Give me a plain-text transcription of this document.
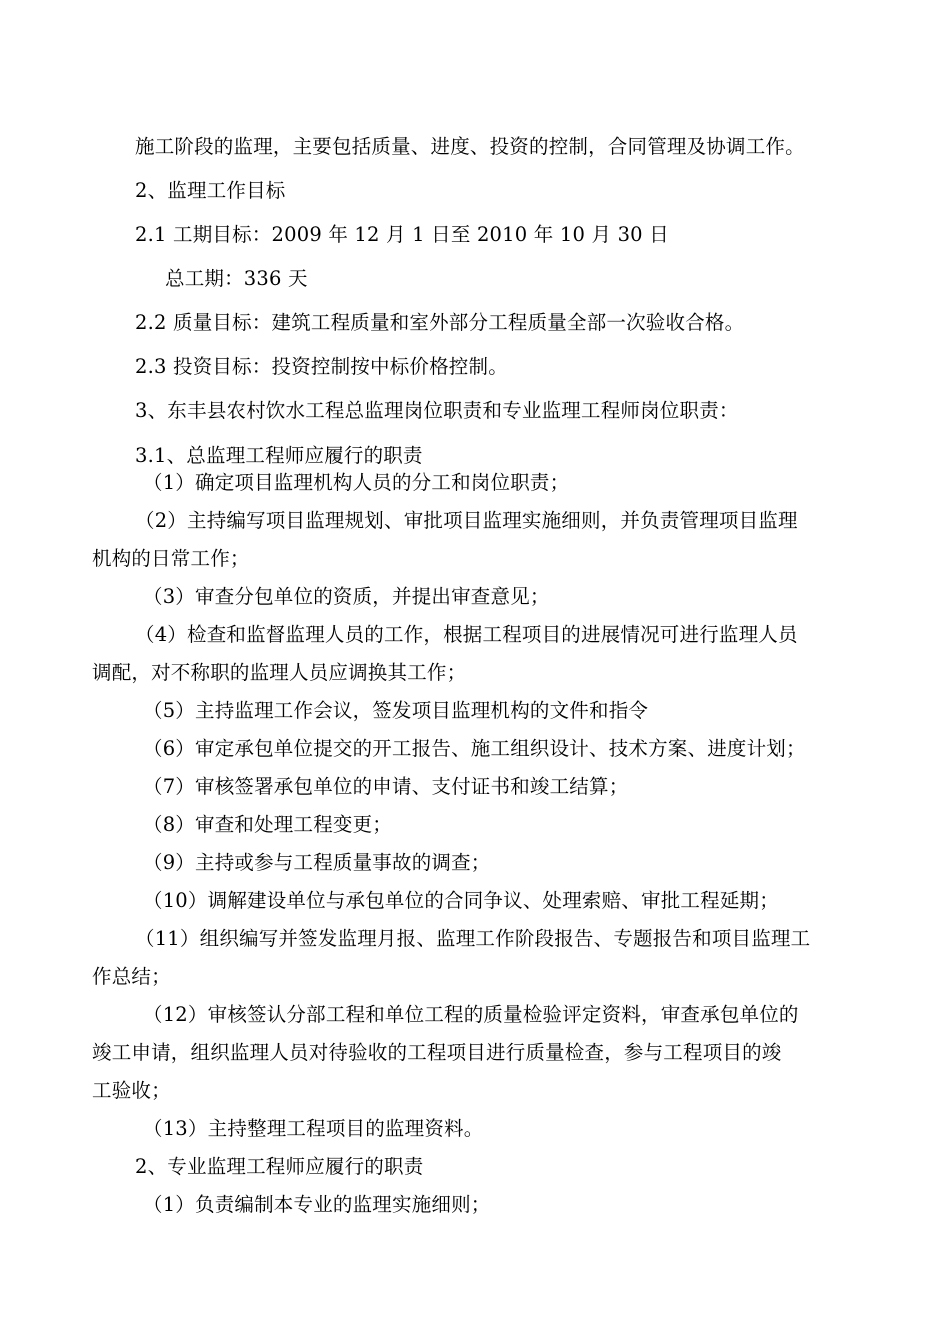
施工阶段的监理，主要包括质量、进度、投资的控制，合同管理及协调工作。
2、监理工作目标
2.1 工期目标：2009 年 12 月 1 日至 2010 年 10 月 30 日
总工期：336 天
2.2 质量目标：建筑工程质量和室外部分工程质量全部一次验收合格。
2.3 投资目标：投资控制按中标价格控制。
3、东丰县农村饮水工程总监理岗位职责和专业监理工程师岗位职责：
3.1、总监理工程师应履行的职责
（1）确定项目监理机构人员的分工和岗位职责；
（2）主持编写项目监理规划、审批项目监理实施细则，并负责管理项目监理
机构的日常工作；
（3）审查分包单位的资质，并提出审查意见；
（4）检查和监督监理人员的工作，根据工程项目的进展情况可进行监理人员
调配，对不称职的监理人员应调换其工作；
（5）主持监理工作会议，签发项目监理机构的文件和指令
（6）审定承包单位提交的开工报告、施工组织设计、技术方案、进度计划；
（7）审核签署承包单位的申请、支付证书和竣工结算；
（8）审查和处理工程变更；
（9）主持或参与工程质量事故的调查；
（10）调解建设单位与承包单位的合同争议、处理索赔、审批工程延期；
（11）组织编写并签发监理月报、监理工作阶段报告、专题报告和项目监理工
作总结；
（12）审核签认分部工程和单位工程的质量检验评定资料，审查承包单位的
竣工申请，组织监理人员对待验收的工程项目进行质量检查，参与工程项目的竣
工验收；
（13）主持整理工程项目的监理资料。
2、专业监理工程师应履行的职责
（1）负责编制本专业的监理实施细则；
